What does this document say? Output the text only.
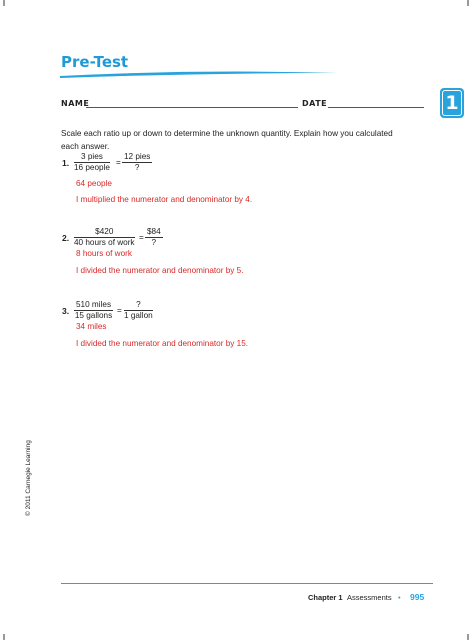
Pre-Test
1
NAME	DATE
Scale each ratio up or down to determine the unknown quantity. Explain how you calculated each answer.
1.
3 pies
16 people
=
12 pies
?
64 people
I multiplied the numerator and denominator by 4.
2.
$420
40 hours of work
=
$84
?
8 hours of work
I divided the numerator and denominator by 5.
3.
510 miles
15 gallons
=
?
1 gallon
34 miles
I divided the numerator and denominator by 15.
© 2011 Carnegie Learning
Chapter 1 Assessments • 995
